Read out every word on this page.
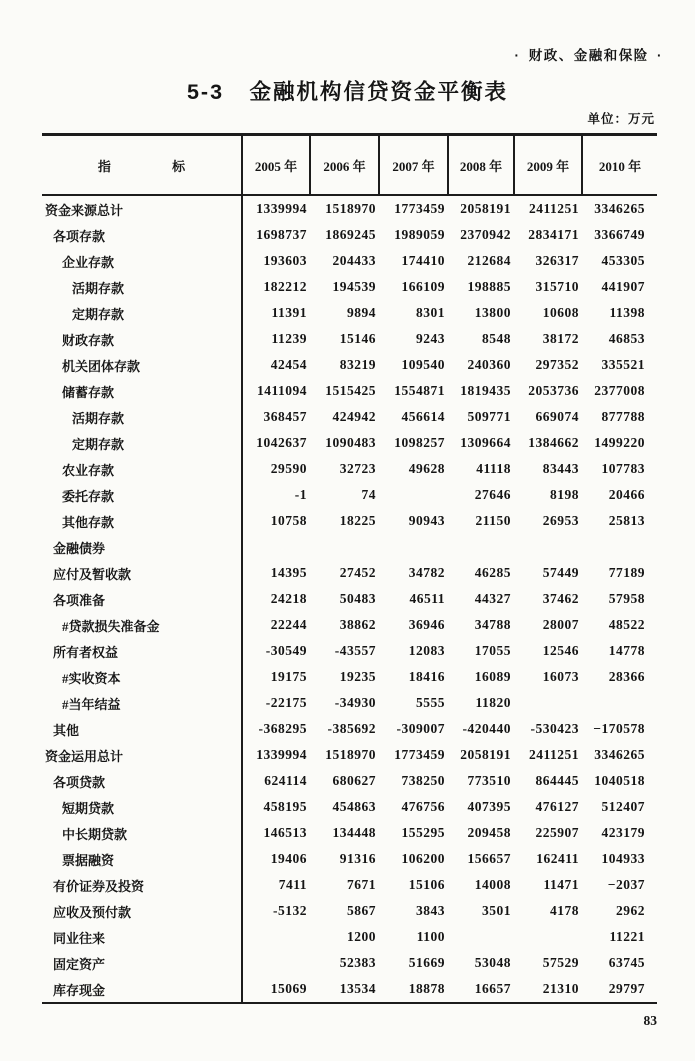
· 财政、金融和保险 ·
5-3  金融机构信贷资金平衡表
单位：万元
指 标	2005 年	2006 年	2007 年	2008 年	2009 年	2010 年
资金来源总计	1339994	1518970	1773459	2058191	2411251	3346265
各项存款	1698737	1869245	1989059	2370942	2834171	3366749
企业存款	193603	204433	174410	212684	326317	453305
活期存款	182212	194539	166109	198885	315710	441907
定期存款	11391	9894	8301	13800	10608	11398
财政存款	11239	15146	9243	8548	38172	46853
机关团体存款	42454	83219	109540	240360	297352	335521
储蓄存款	1411094	1515425	1554871	1819435	2053736	2377008
活期存款	368457	424942	456614	509771	669074	877788
定期存款	1042637	1090483	1098257	1309664	1384662	1499220
农业存款	29590	32723	49628	41118	83443	107783
委托存款	-1	74		27646	8198	20466
其他存款	10758	18225	90943	21150	26953	25813
金融债券						
应付及暂收款	14395	27452	34782	46285	57449	77189
各项准备	24218	50483	46511	44327	37462	57958
#贷款损失准备金	22244	38862	36946	34788	28007	48522
所有者权益	-30549	-43557	12083	17055	12546	14778
#实收资本	19175	19235	18416	16089	16073	28366
#当年结益	-22175	-34930	5555	11820		
其他	-368295	-385692	-309007	-420440	-530423	−170578
资金运用总计	1339994	1518970	1773459	2058191	2411251	3346265
各项贷款	624114	680627	738250	773510	864445	1040518
短期贷款	458195	454863	476756	407395	476127	512407
中长期贷款	146513	134448	155295	209458	225907	423179
票据融资	19406	91316	106200	156657	162411	104933
有价证券及投资	7411	7671	15106	14008	11471	−2037
应收及预付款	-5132	5867	3843	3501	4178	2962
同业往来		1200	1100			11221
固定资产		52383	51669	53048	57529	63745
库存现金	15069	13534	18878	16657	21310	29797
83
